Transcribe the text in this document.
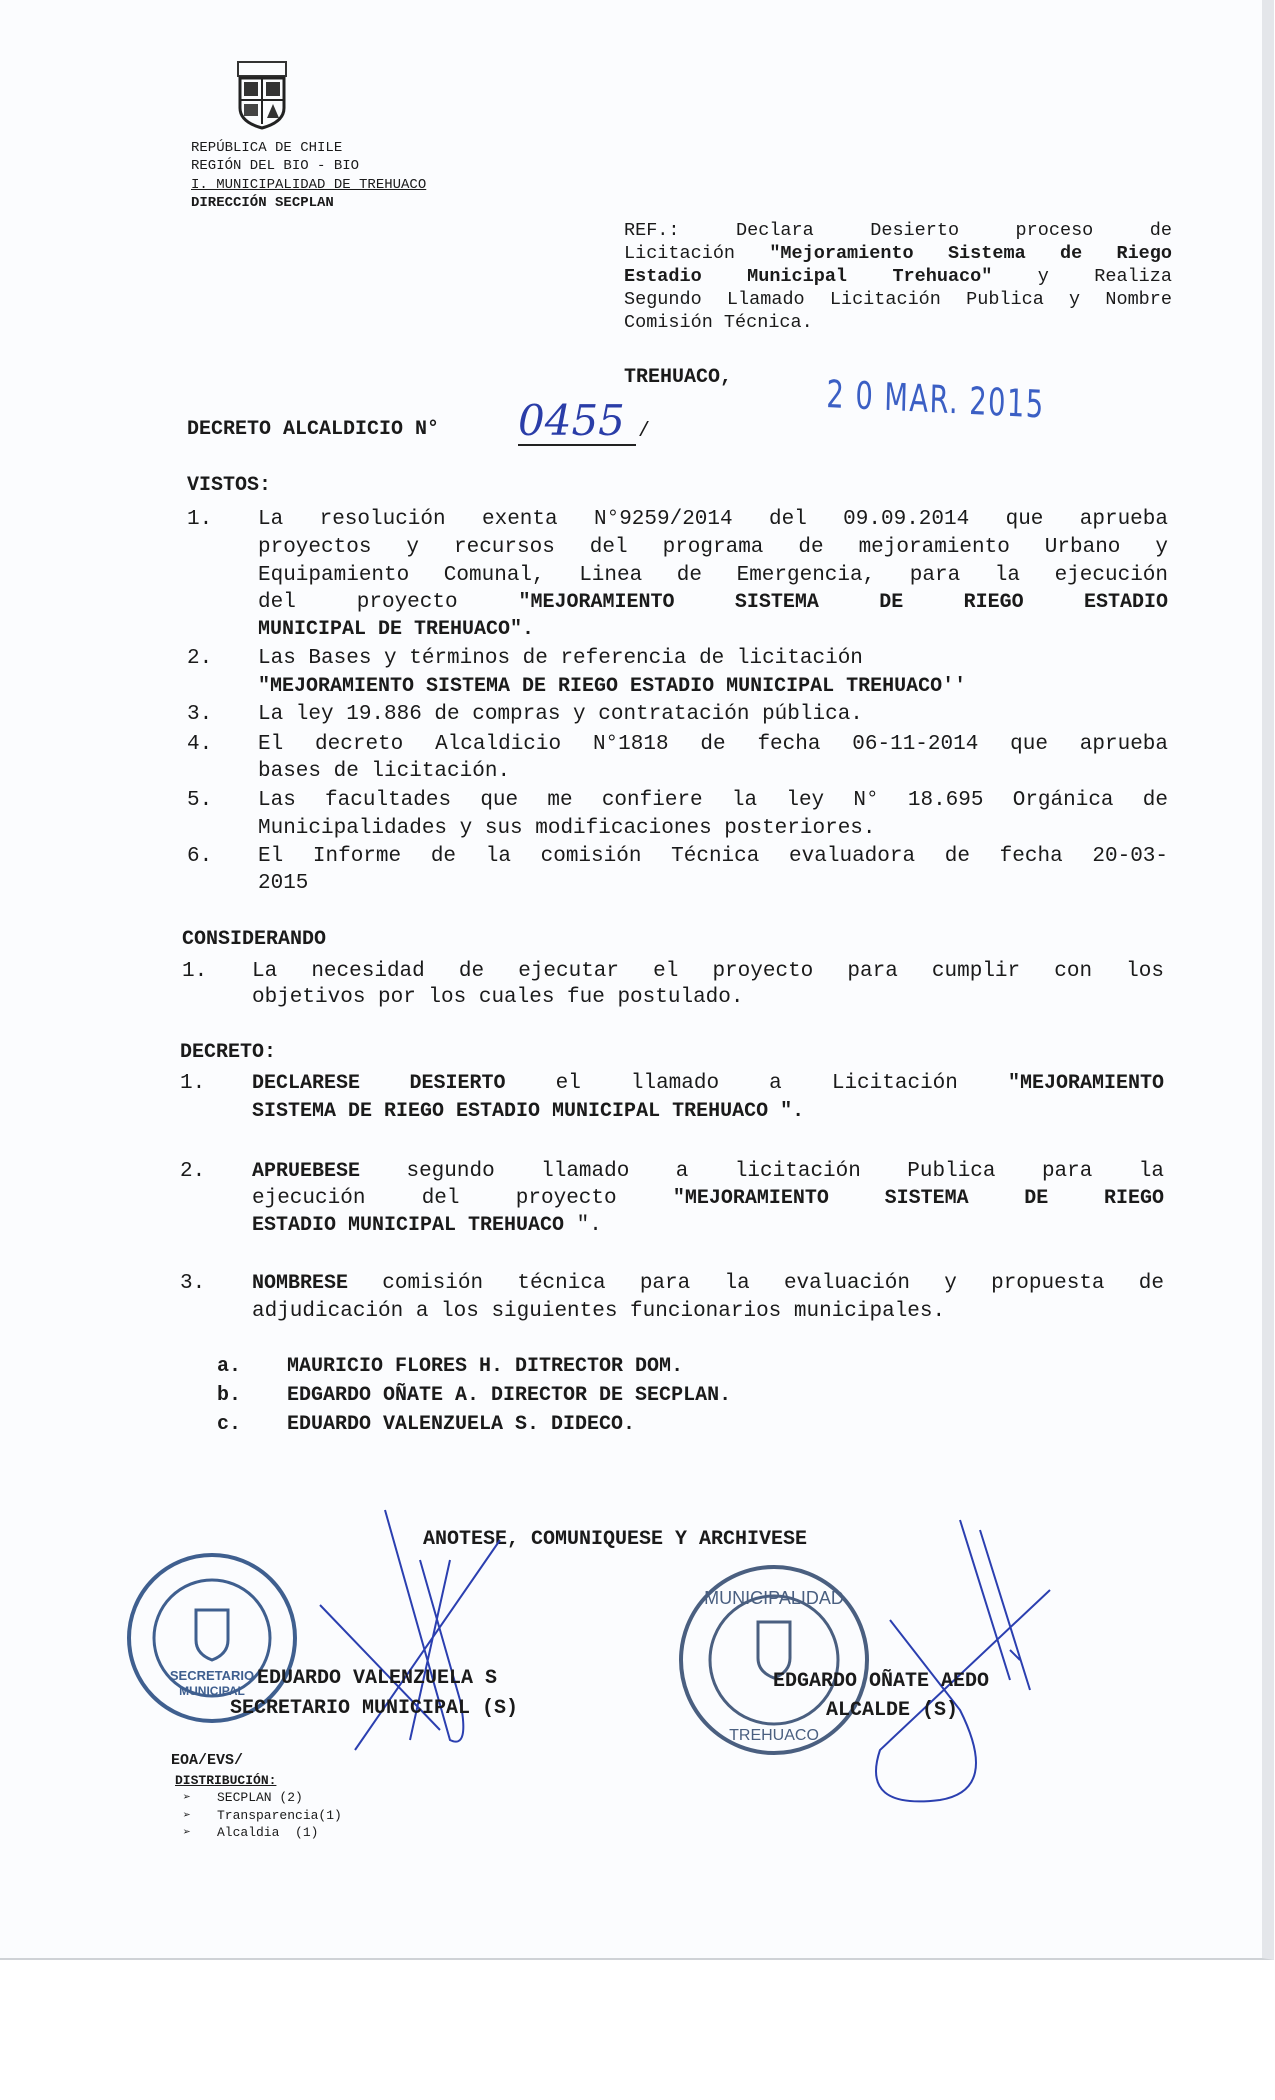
REPÚBLICA DE CHILE
REGIÓN DEL BIO - BIO
I. MUNICIPALIDAD DE TREHUACO
DIRECCIÓN SECPLAN
REF.: Declara Desierto proceso de
Licitación "Mejoramiento Sistema de Riego
Estadio Municipal Trehuaco" y Realiza
Segundo Llamado Licitación Publica y Nombre
Comisión Técnica.
TREHUACO, 2 0 MAR. 2015
DECRETO ALCALDICIO N° 0455 /
VISTOS:
1. La resolución exenta N°9259/2014 del 09.09.2014 que aprueba
proyectos y recursos del programa de mejoramiento Urbano y
Equipamiento Comunal, Linea de Emergencia, para la ejecución
del proyecto "MEJORAMIENTO SISTEMA DE RIEGO ESTADIO
MUNICIPAL DE TREHUACO".
2. Las Bases y términos de referencia de licitación
"MEJORAMIENTO SISTEMA DE RIEGO ESTADIO MUNICIPAL TREHUACO''
3. La ley 19.886 de compras y contratación pública.
4. El decreto Alcaldicio N°1818 de fecha 06-11-2014 que aprueba
bases de licitación.
5. Las facultades que me confiere la ley N° 18.695 Orgánica de
Municipalidades y sus modificaciones posteriores.
6. El Informe de la comisión Técnica evaluadora de fecha 20-03-
2015
CONSIDERANDO
1. La necesidad de ejecutar el proyecto para cumplir con los
objetivos por los cuales fue postulado.
DECRETO:
1. DECLARESE DESIERTO el llamado a Licitación "MEJORAMIENTO
SISTEMA DE RIEGO ESTADIO MUNICIPAL TREHUACO ".
2. APRUEBESE segundo llamado a licitación Publica para la
ejecución del proyecto "MEJORAMIENTO SISTEMA DE RIEGO
ESTADIO MUNICIPAL TREHUACO ".
3. NOMBRESE comisión técnica para la evaluación y propuesta de
adjudicación a los siguientes funcionarios municipales.
a. MAURICIO FLORES H. DITRECTOR DOM.
b. EDGARDO OÑATE A. DIRECTOR DE SECPLAN.
c. EDUARDO VALENZUELA S. DIDECO.
ANOTESE, COMUNIQUESE Y ARCHIVESE
SECRETARIO
MUNICIPAL
MUNICIPALIDAD
TREHUACO
EDUARDO VALENZUELA S
SECRETARIO MUNICIPAL (S)
EDGARDO OÑATE AEDO
ALCALDE (S)
EOA/EVS/
DISTRIBUCIÓN:
➢ SECPLAN (2)
➢ Transparencia(1)
➢ Alcaldia  (1)
